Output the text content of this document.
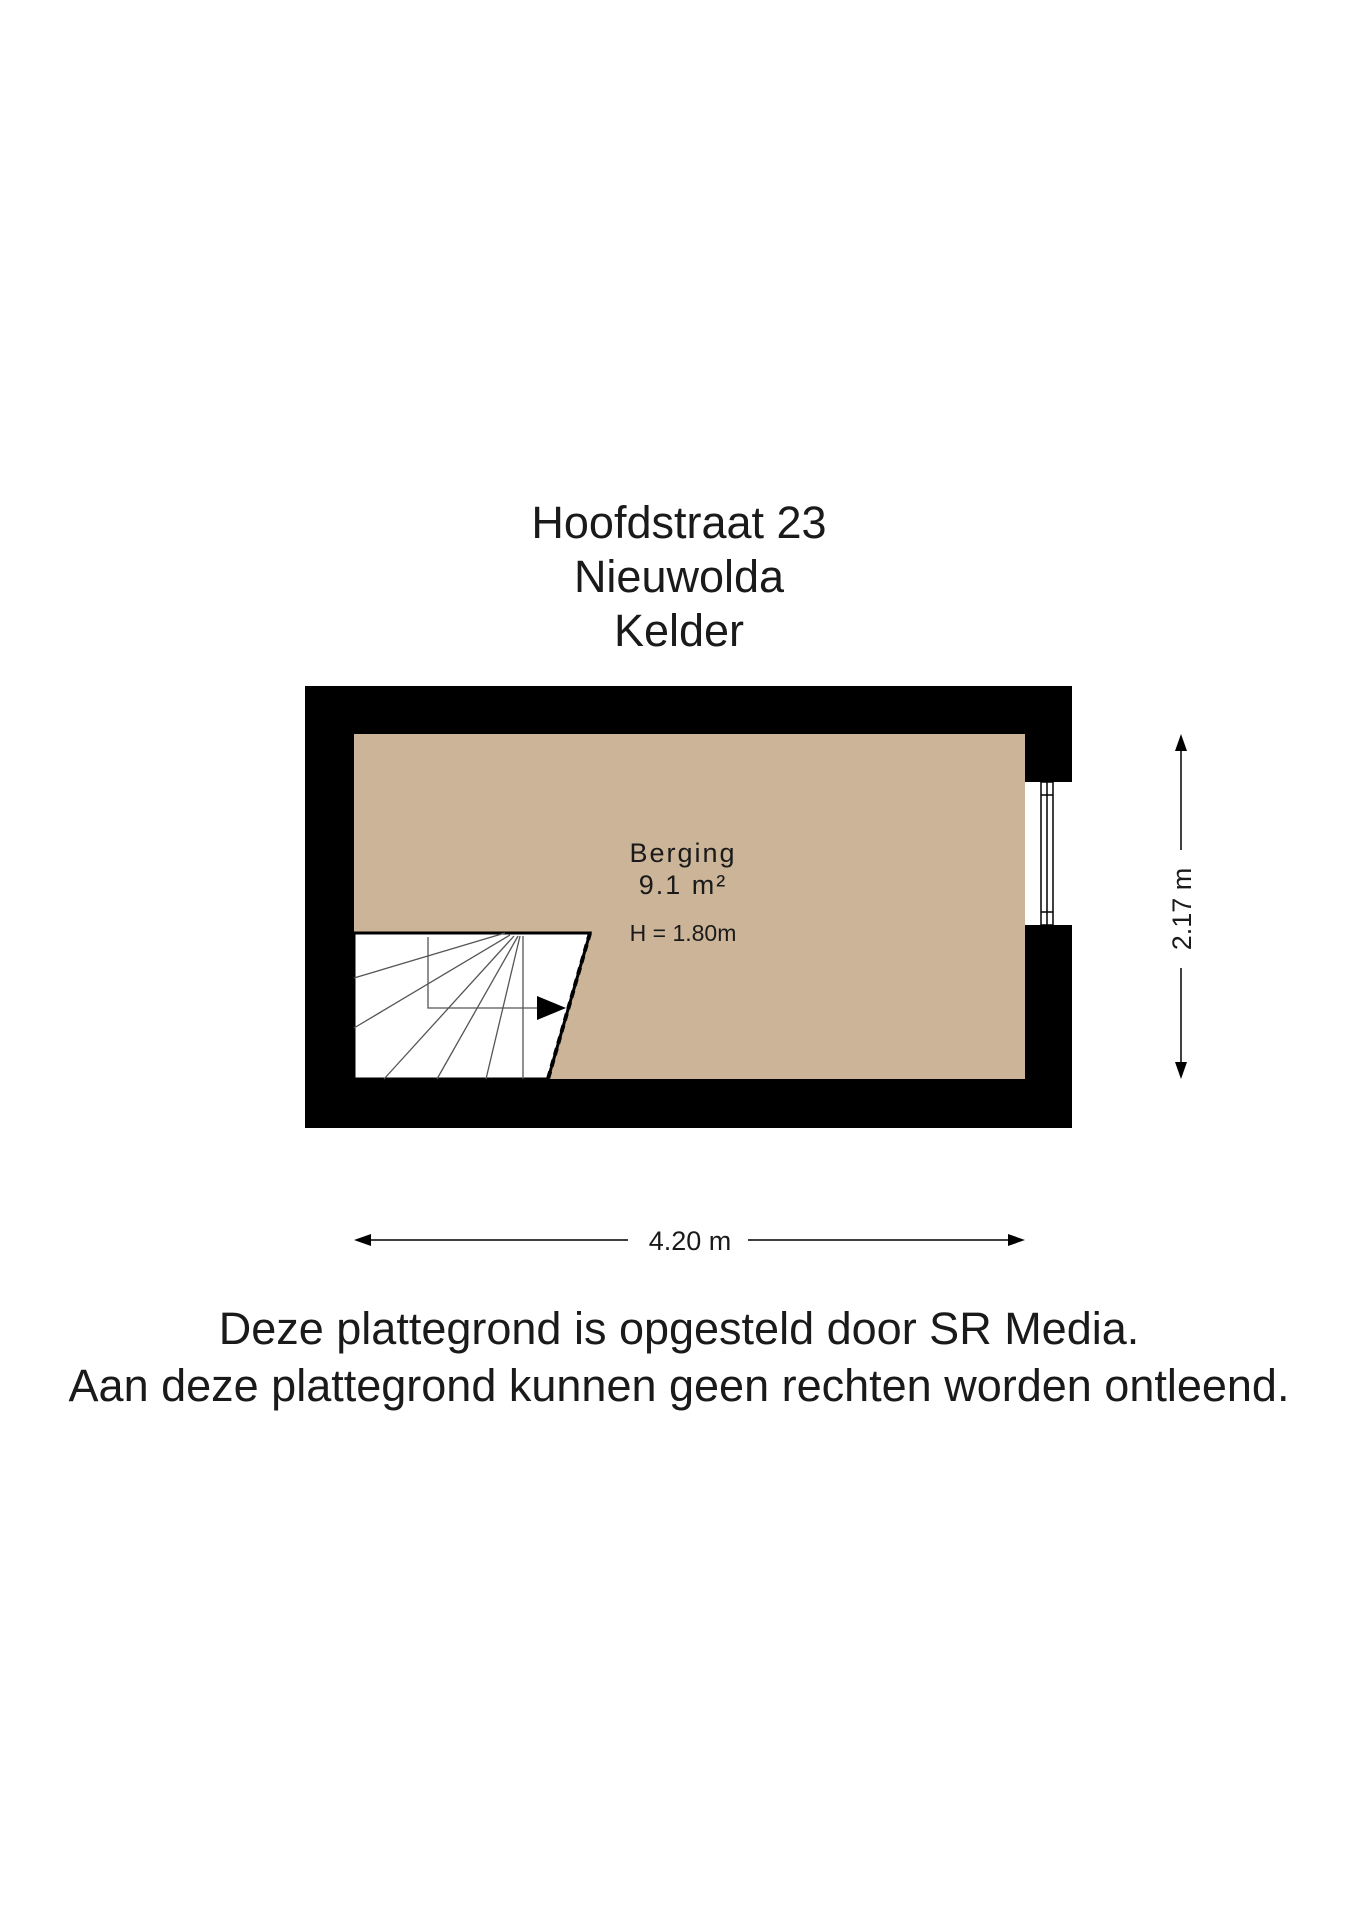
Hoofdstraat 23
Nieuwolda
Kelder
Berging
9.1 m²
H = 1.80m
4.20 m
2.17 m
Deze plattegrond is opgesteld door SR Media.
Aan deze plattegrond kunnen geen rechten worden ontleend.
